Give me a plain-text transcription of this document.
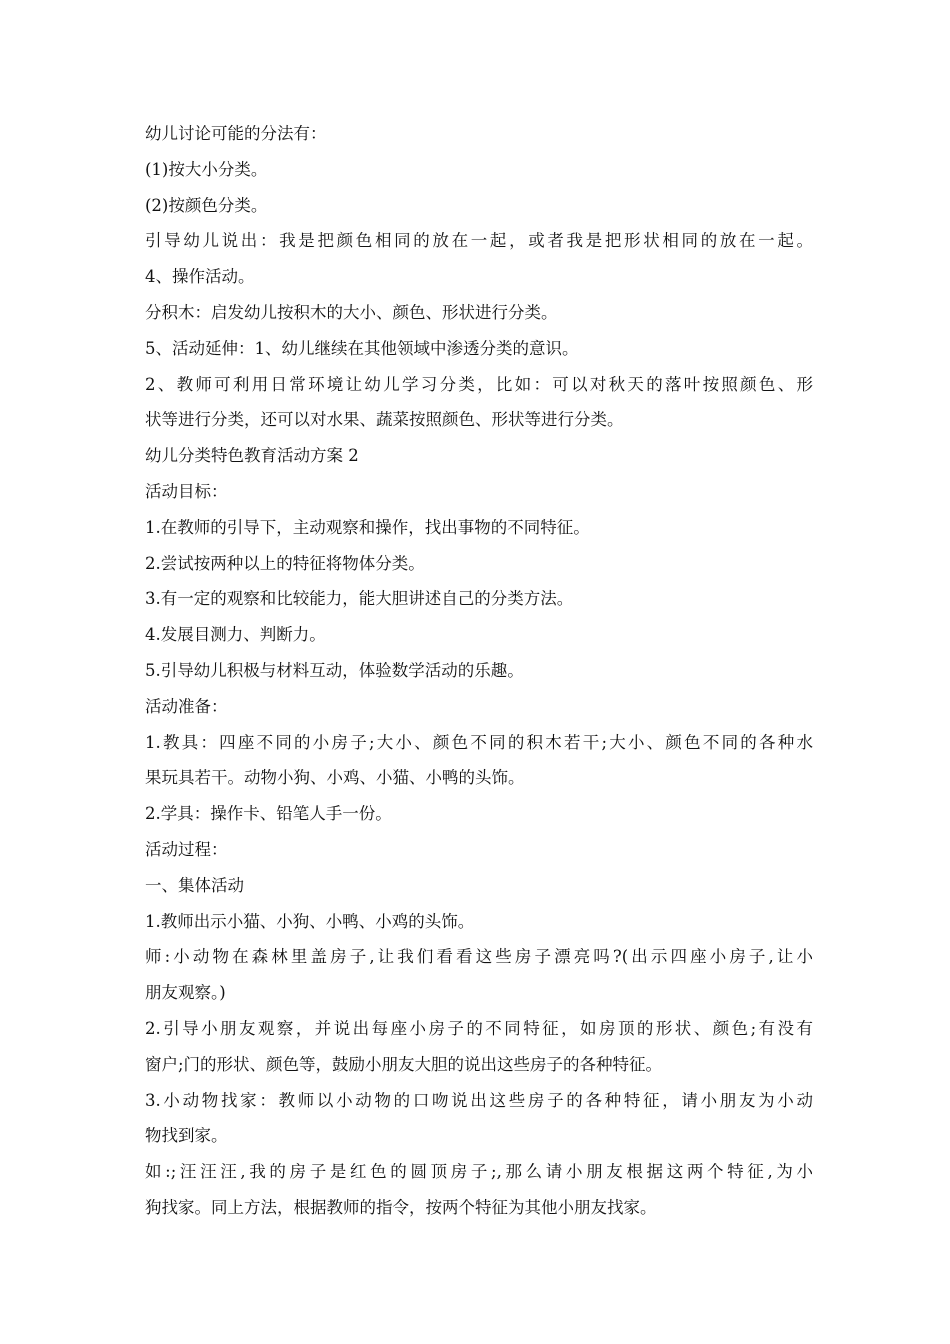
幼儿讨论可能的分法有：
(1)按大小分类。
(2)按颜色分类。
引导幼儿说出：我是把颜色相同的放在一起，或者我是把形状相同的放在一起。
4、操作活动。
分积木：启发幼儿按积木的大小、颜色、形状进行分类。
5、活动延伸：1、幼儿继续在其他领域中渗透分类的意识。
2、教师可利用日常环境让幼儿学习分类，比如：可以对秋天的落叶按照颜色、形
状等进行分类，还可以对水果、蔬菜按照颜色、形状等进行分类。
幼儿分类特色教育活动方案 2
活动目标：
1.在教师的引导下，主动观察和操作，找出事物的不同特征。
2.尝试按两种以上的特征将物体分类。
3.有一定的观察和比较能力，能大胆讲述自己的分类方法。
4.发展目测力、判断力。
5.引导幼儿积极与材料互动，体验数学活动的乐趣。
活动准备：
1.教具：四座不同的小房子;大小、颜色不同的积木若干;大小、颜色不同的各种水
果玩具若干。动物小狗、小鸡、小猫、小鸭的头饰。
2.学具：操作卡、铅笔人手一份。
活动过程：
一、集体活动
1.教师出示小猫、小狗、小鸭、小鸡的头饰。
师:小动物在森林里盖房子,让我们看看这些房子漂亮吗?(出示四座小房子,让小
朋友观察。)
2.引导小朋友观察，并说出每座小房子的不同特征，如房顶的形状、颜色;有没有
窗户;门的形状、颜色等，鼓励小朋友大胆的说出这些房子的各种特征。
3.小动物找家：教师以小动物的口吻说出这些房子的各种特征，请小朋友为小动
物找到家。
如:;汪汪汪,我的房子是红色的圆顶房子;,那么请小朋友根据这两个特征,为小
狗找家。同上方法，根据教师的指令，按两个特征为其他小朋友找家。
